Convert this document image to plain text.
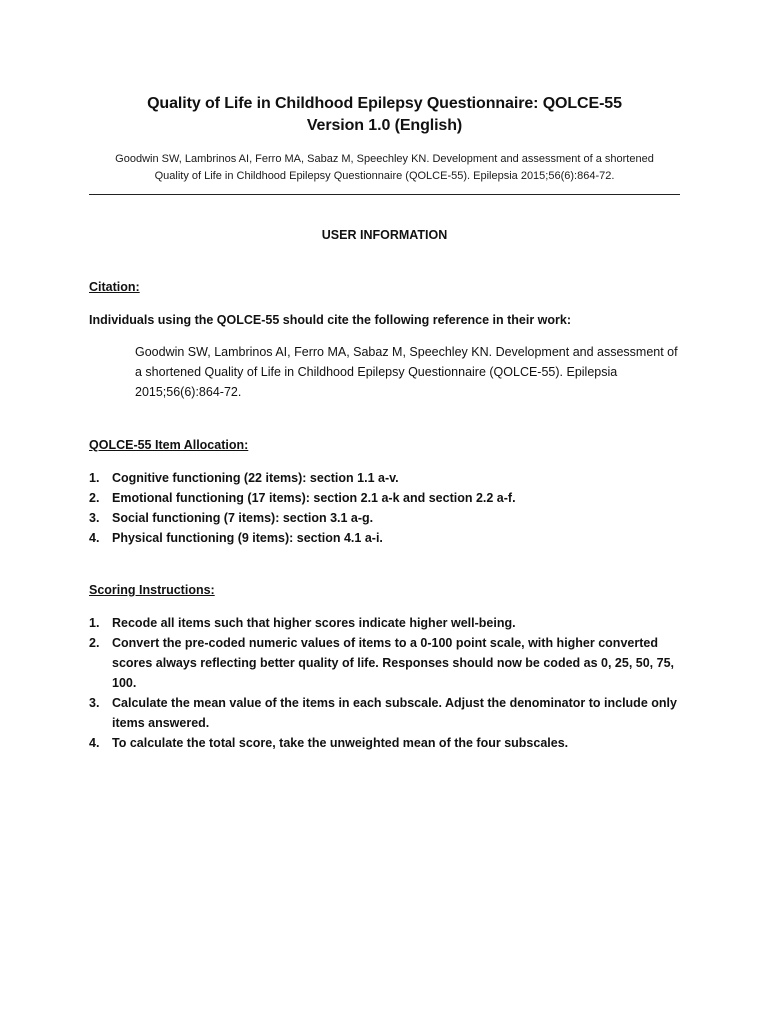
Quality of Life in Childhood Epilepsy Questionnaire: QOLCE-55
Version 1.0 (English)
Goodwin SW, Lambrinos AI, Ferro MA, Sabaz M, Speechley KN. Development and assessment of a shortened
Quality of Life in Childhood Epilepsy Questionnaire (QOLCE-55). Epilepsia 2015;56(6):864-72.
USER INFORMATION
Citation:
Individuals using the QOLCE-55 should cite the following reference in their work:
Goodwin SW, Lambrinos AI, Ferro MA, Sabaz M, Speechley KN. Development and assessment of a shortened Quality of Life in Childhood Epilepsy Questionnaire (QOLCE-55). Epilepsia 2015;56(6):864-72.
QOLCE-55 Item Allocation:
1. Cognitive functioning (22 items): section 1.1 a-v.
2. Emotional functioning (17 items): section 2.1 a-k and section 2.2 a-f.
3. Social functioning (7 items): section 3.1 a-g.
4. Physical functioning (9 items): section 4.1 a-i.
Scoring Instructions:
1. Recode all items such that higher scores indicate higher well-being.
2. Convert the pre-coded numeric values of items to a 0-100 point scale, with higher converted scores always reflecting better quality of life. Responses should now be coded as 0, 25, 50, 75, 100.
3. Calculate the mean value of the items in each subscale. Adjust the denominator to include only items answered.
4. To calculate the total score, take the unweighted mean of the four subscales.
